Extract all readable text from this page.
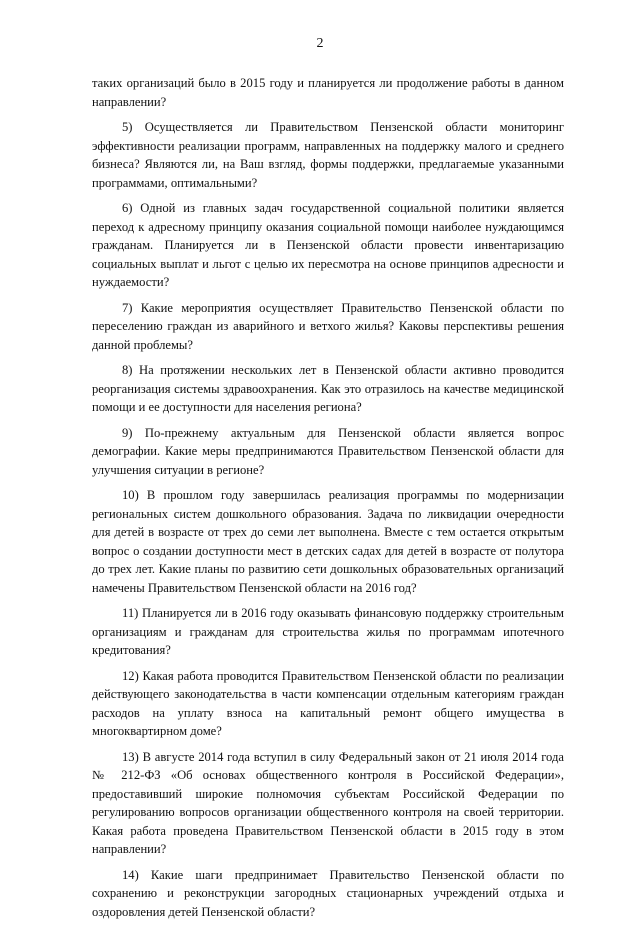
2

таких организаций было в 2015 году и планируется ли продолжение работы в данном направлении?

5) Осуществляется ли Правительством Пензенской области мониторинг эффективности реализации программ, направленных на поддержку малого и среднего бизнеса? Являются ли, на Ваш взгляд, формы поддержки, предлагаемые указанными программами, оптимальными?

6) Одной из главных задач государственной социальной политики является переход к адресному принципу оказания социальной помощи наиболее нуждающимся гражданам. Планируется ли в Пензенской области провести инвентаризацию социальных выплат и льгот с целью их пересмотра на основе принципов адресности и нуждаемости?

7) Какие мероприятия осуществляет Правительство Пензенской области по переселению граждан из аварийного и ветхого жилья? Каковы перспективы решения данной проблемы?

8) На протяжении нескольких лет в Пензенской области активно проводится реорганизация системы здравоохранения. Как это отразилось на качестве медицинской помощи и ее доступности для населения региона?

9) По-прежнему актуальным для Пензенской области является вопрос демографии. Какие меры предпринимаются Правительством Пензенской области для улучшения ситуации в регионе?

10) В прошлом году завершилась реализация программы по модернизации региональных систем дошкольного образования. Задача по ликвидации очередности для детей в возрасте от трех до семи лет выполнена. Вместе с тем остается открытым вопрос о создании доступности мест в детских садах для детей в возрасте от полутора до трех лет. Какие планы по развитию сети дошкольных образовательных организаций намечены Правительством Пензенской области на 2016 год?

11) Планируется ли в 2016 году оказывать финансовую поддержку строительным организациям и гражданам для строительства жилья по программам ипотечного кредитования?

12) Какая работа проводится Правительством Пензенской области по реализации действующего законодательства в части компенсации отдельным категориям граждан расходов на уплату взноса на капитальный ремонт общего имущества в многоквартирном доме?

13) В августе 2014 года вступил в силу Федеральный закон от 21 июля 2014 года № 212-ФЗ «Об основах общественного контроля в Российской Федерации», предоставивший широкие полномочия субъектам Российской Федерации по регулированию вопросов организации общественного контроля на своей территории. Какая работа проведена Правительством Пензенской области в 2015 году в этом направлении?

14) Какие шаги предпринимает Правительство Пензенской области по сохранению и реконструкции загородных стационарных учреждений отдыха и оздоровления детей Пензенской области?
